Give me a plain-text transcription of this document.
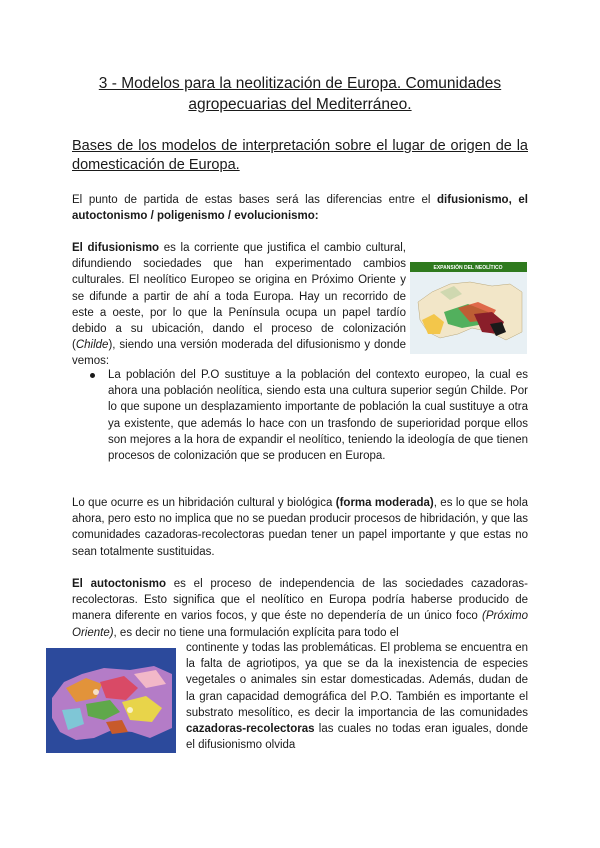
3 - Modelos para la neolitización de Europa. Comunidades
agropecuarias del Mediterráneo.
Bases de los modelos de interpretación sobre el lugar de origen de la domesticación de Europa.

El punto de partida de estas bases será las diferencias entre el difusionismo, el autoctonismo / poligenismo / evolucionismo:

El difusionismo es la corriente que justifica el cambio cultural, difundiendo sociedades que han experimentado cambios culturales. El neolítico Europeo se origina en Próximo Oriente y se difunde a partir de ahí a toda Europa. Hay un recorrido de este a oeste, por lo que la Península ocupa un papel tardío debido a su ubicación, dando el proceso de colonización (Childe), siendo una versión moderada del difusionismo y donde vemos:

EXPANSIÓN DEL NEOLÍTICO
La población del P.O sustituye a la población del contexto europeo, la cual es ahora una población neolítica, siendo esta una cultura superior según Childe. Por lo que supone un desplazamiento importante de población la cual sustituye a otra ya existente, que además lo hace con un trasfondo de superioridad porque ellos son mejores a la hora de expandir el neolítico, teniendo la ideología de que tienen procesos de colonización que se producen en Europa.

Lo que ocurre es un hibridación cultural y biológica (forma moderada), es lo que se hola ahora, pero esto no implica que no se puedan producir procesos de hibridación, y que las comunidades cazadoras-recolectoras puedan tener un papel importante y que estas no sean totalmente sustituidas.

El autoctonismo es el proceso de independencia de las sociedades cazadoras-recolectoras. Esto significa que el neolítico en Europa podría haberse producido de manera diferente en varios focos, y que éste no dependería de un único foco (Próximo Oriente), es decir no tiene una formulación explícita para todo el

continente y todas las problemáticas. El problema se encuentra en la falta de agriotipos, ya que se da la inexistencia de especies vegetales o animales sin estar domesticadas. Además, dudan de la gran capacidad demográfica del P.O. También es importante el substrato mesolítico, es decir la importancia de las comunidades cazadoras-recolectoras las cuales no todas eran iguales, donde el difusionismo olvida
